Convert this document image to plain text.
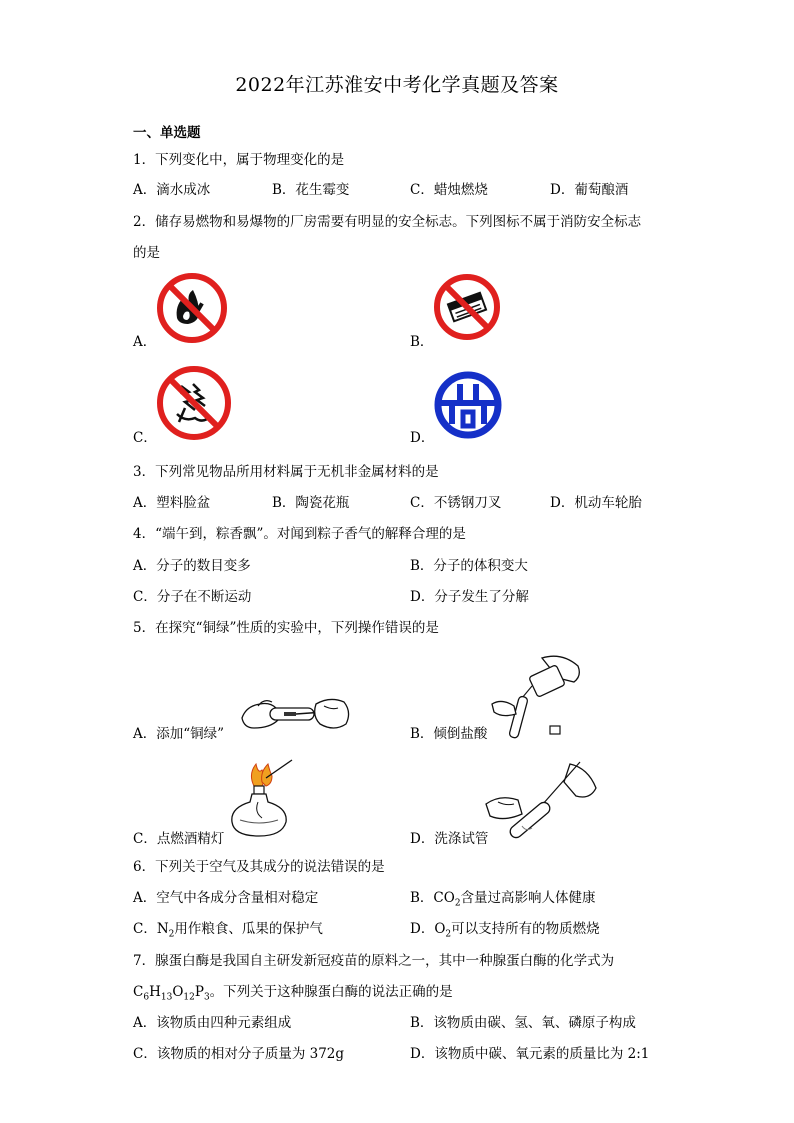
2022年江苏淮安中考化学真题及答案
一、单选题
1．下列变化中，属于物理变化的是
A．滴水成冰	B．花生霉变	C．蜡烛燃烧	D．葡萄酿酒
2．储存易燃物和易爆物的厂房需要有明显的安全标志。下列图标不属于消防安全标志
的是
A．	B．
C．	D．
3．下列常见物品所用材料属于无机非金属材料的是
A．塑料脸盆	B．陶瓷花瓶	C．不锈钢刀叉	D．机动车轮胎
4．“端午到，粽香飘”。对闻到粽子香气的解释合理的是
A．分子的数目变多	B．分子的体积变大
C．分子在不断运动	D．分子发生了分解
5．在探究“铜绿”性质的实验中，下列操作错误的是
A．添加“铜绿”	B．倾倒盐酸
C．点燃酒精灯	D．洗涤试管
6．下列关于空气及其成分的说法错误的是
A．空气中各成分含量相对稳定	B．$CO_2$含量过高影响人体健康
C．$N_2$用作粮食、瓜果的保护气	D．$O_2$可以支持所有的物质燃烧
7．腺蛋白酶是我国自主研发新冠疫苗的原料之一，其中一种腺蛋白酶的化学式为
$C_6H_{13}O_{12}P_3$。下列关于这种腺蛋白酶的说法正确的是
A．该物质由四种元素组成	B．该物质由碳、氢、氧、磷原子构成
C．该物质的相对分子质量为 372g	D．该物质中碳、氧元素的质量比为 2:1
